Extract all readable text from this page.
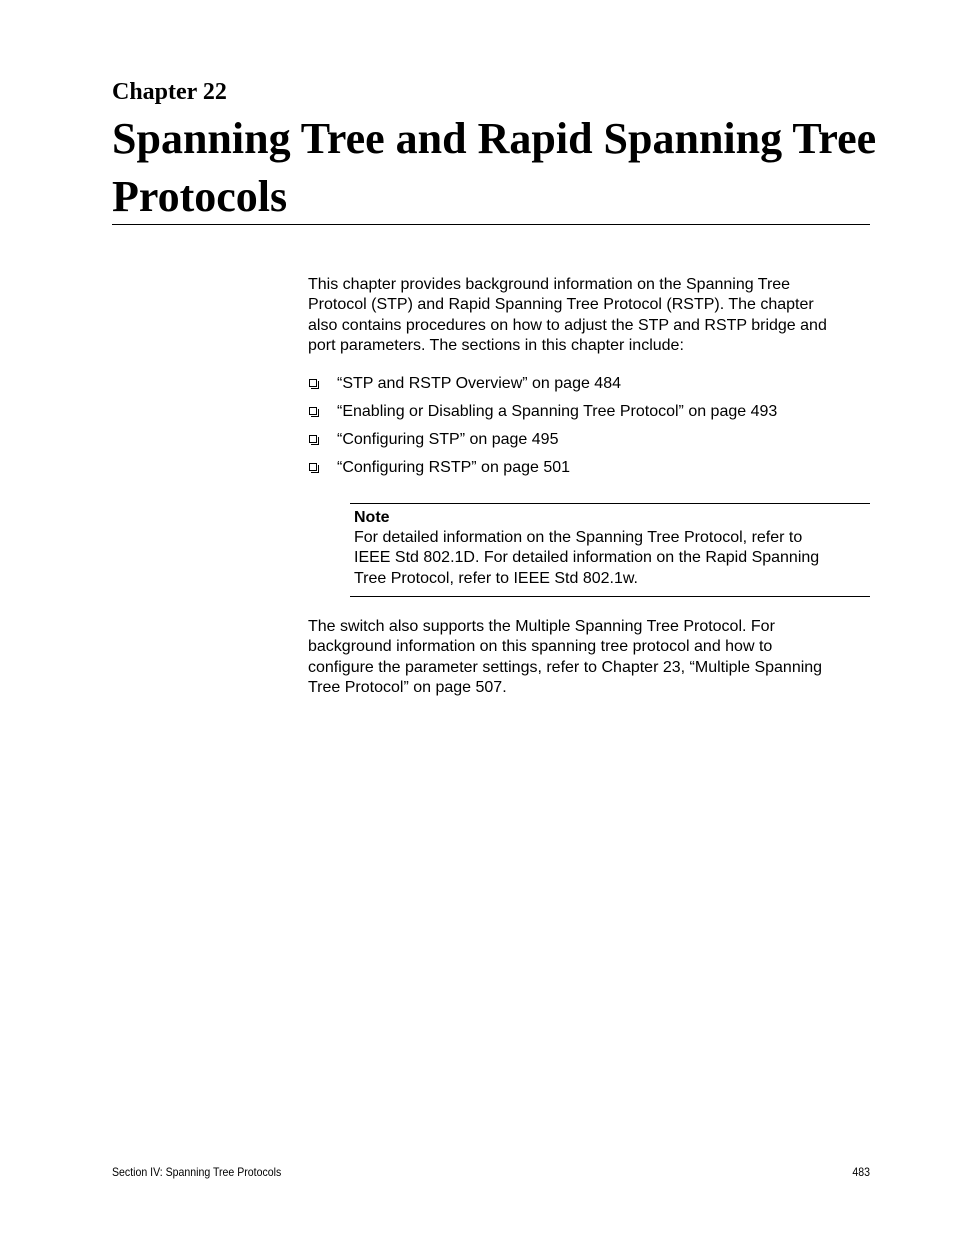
Chapter 22
Spanning Tree and Rapid Spanning Tree
Protocols

This chapter provides background information on the Spanning Tree
Protocol (STP) and Rapid Spanning Tree Protocol (RSTP). The chapter
also contains procedures on how to adjust the STP and RSTP bridge and
port parameters. The sections in this chapter include:

“STP and RSTP Overview” on page 484
“Enabling or Disabling a Spanning Tree Protocol” on page 493
“Configuring STP” on page 495
“Configuring RSTP” on page 501
Note
For detailed information on the Spanning Tree Protocol, refer to
IEEE Std 802.1D. For detailed information on the Rapid Spanning
Tree Protocol, refer to IEEE Std 802.1w.

The switch also supports the Multiple Spanning Tree Protocol. For
background information on this spanning tree protocol and how to
configure the parameter settings, refer to Chapter 23, “Multiple Spanning
Tree Protocol” on page 507.

Section IV: Spanning Tree Protocols	483
